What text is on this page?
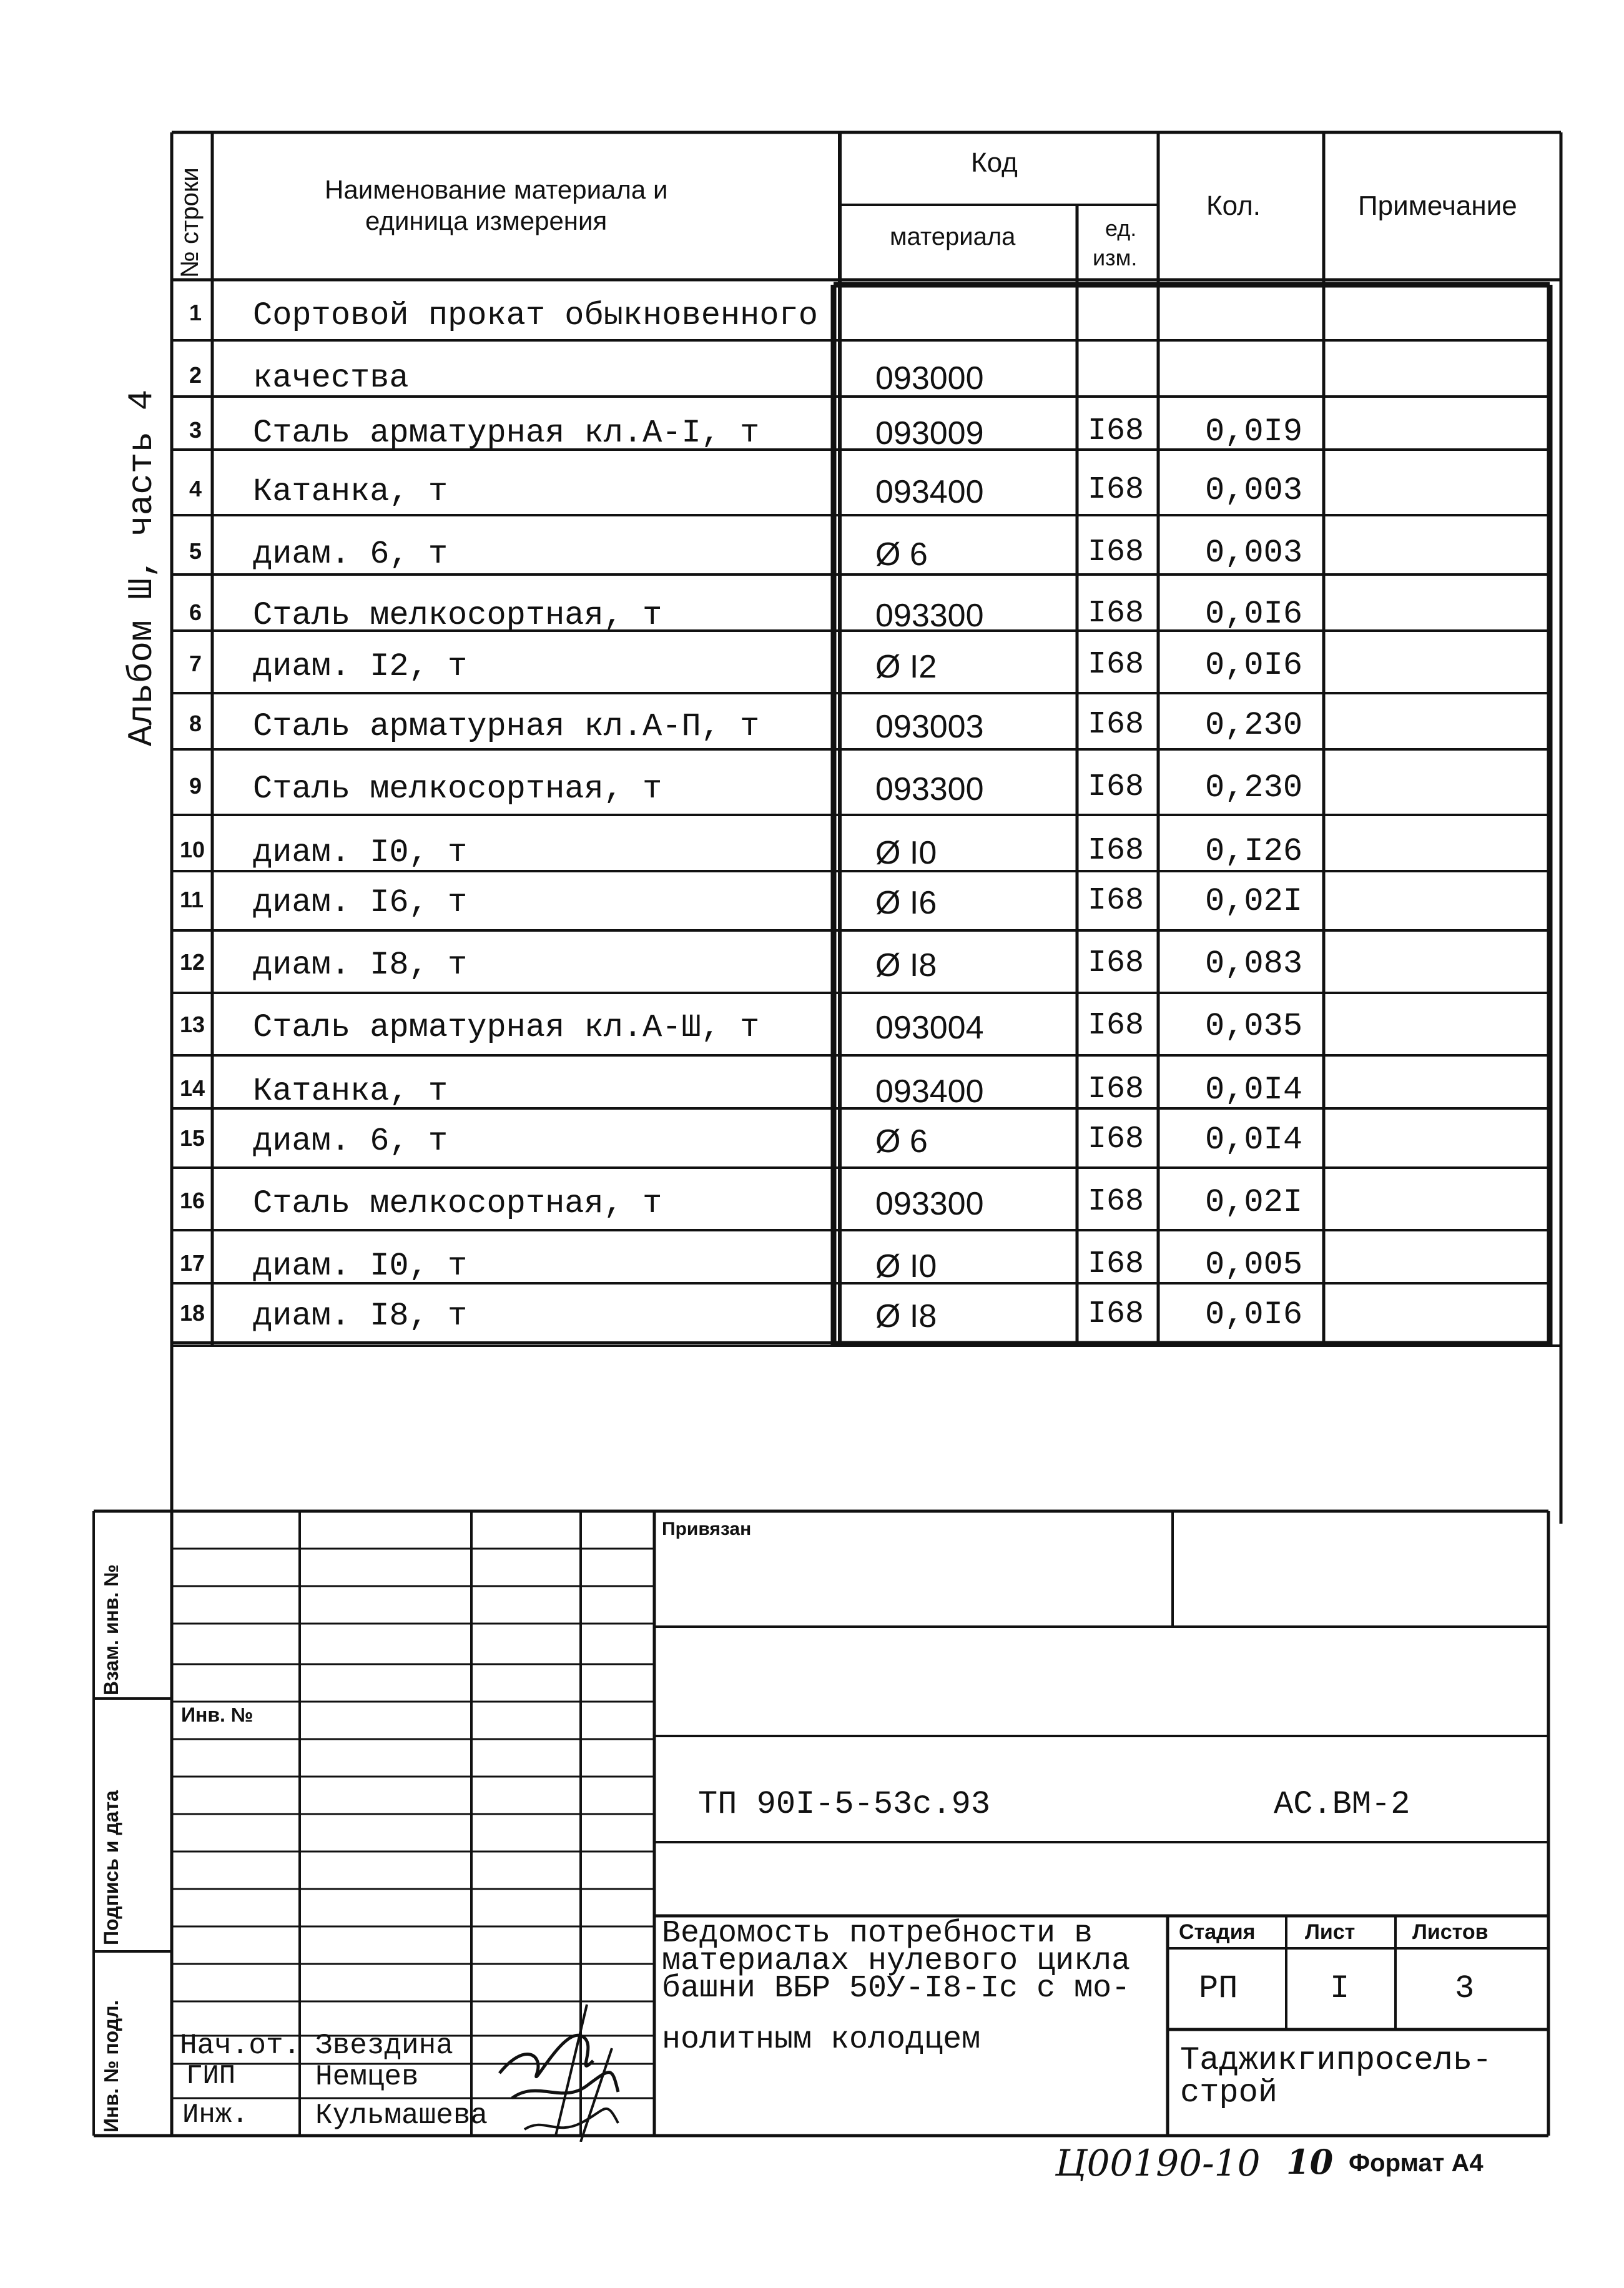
Альбом Ш, часть 4
№ строки	Наименование материала и
единица измерения
Код
материала	ед.
изм.
Кол.	Примечание
1 Сортовой прокат обыкновенного
2 качества	093000
3 Сталь арматурная кл.А-I, т	093009	I68 0,0I9
4 Катанка, т	093400	I68 0,003
5 диам. 6, т	Ø 6	I68 0,003
6 Сталь мелкосортная, т	093300	I68 0,0I6
7 диам. I2, т	Ø I2	I68 0,0I6
8 Сталь арматурная кл.А-П, т	093003	I68 0,230
9 Сталь мелкосортная, т	093300	I68 0,230
10 диам. I0, т	Ø I0	I68 0,I26
11 диам. I6, т	Ø I6	I68 0,02I
12 диам. I8, т	Ø I8	I68 0,083
13 Сталь арматурная кл.А-Ш, т	093004	I68 0,035
14 Катанка, т	093400	I68 0,0I4
15 диам. 6, т	Ø 6	I68 0,0I4
16 Сталь мелкосортная, т	093300	I68 0,02I
17 диам. I0, т	Ø I0	I68 0,005
18 диам. I8, т	Ø I8	I68 0,0I6
Взам. инв. №
Подпись и дата
Инв. № подл.
Привязан
Инв. №
ТП 90I-5-53с.93	АС.ВМ-2
Ведомость потребности в
материалах нулевого цикла
башни ВБР 50У-I8-Iс с мо-
нолитным колодцем
Стадия Лист	Листов
РП	I	3
Таджикгипросель-
строй
Нач.от. Звездина
ГИП	Немцев
Инж. Кульмашева
Ц00190-10 10 Формат А4
